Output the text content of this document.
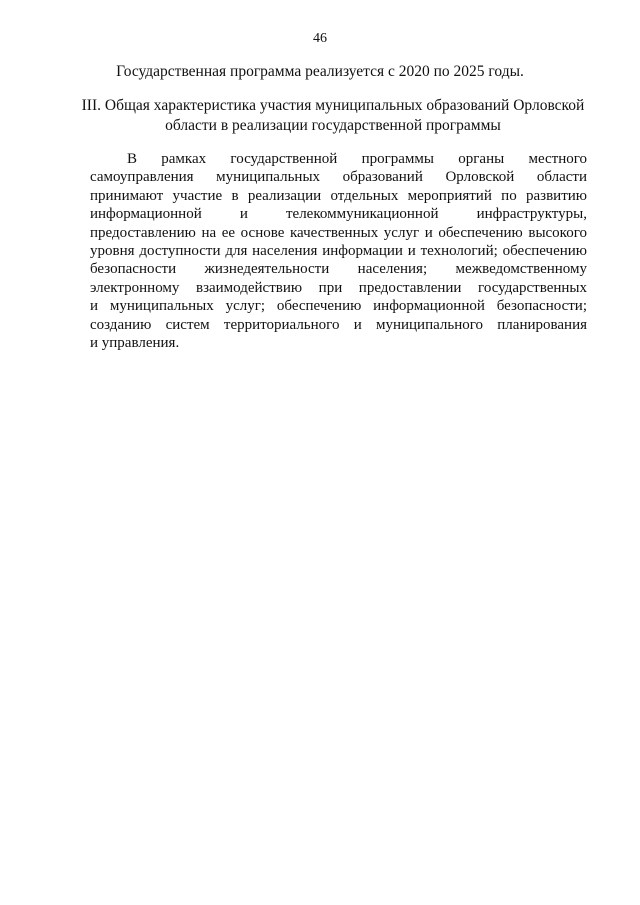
46
Государственная программа реализуется с 2020 по 2025 годы.
III. Общая характеристика участия муниципальных образований Орловской
области в реализации государственной программы
В рамках государственной программы органы местного
самоуправления муниципальных образований Орловской области
принимают участие в реализации отдельных мероприятий по развитию
информационной и телекоммуникационной инфраструктуры,
предоставлению на ее основе качественных услуг и обеспечению высокого
уровня доступности для населения информации и технологий; обеспечению
безопасности жизнедеятельности населения; межведомственному
электронному взаимодействию при предоставлении государственных
и муниципальных услуг; обеспечению информационной безопасности;
созданию систем территориального и муниципального планирования
и управления.
